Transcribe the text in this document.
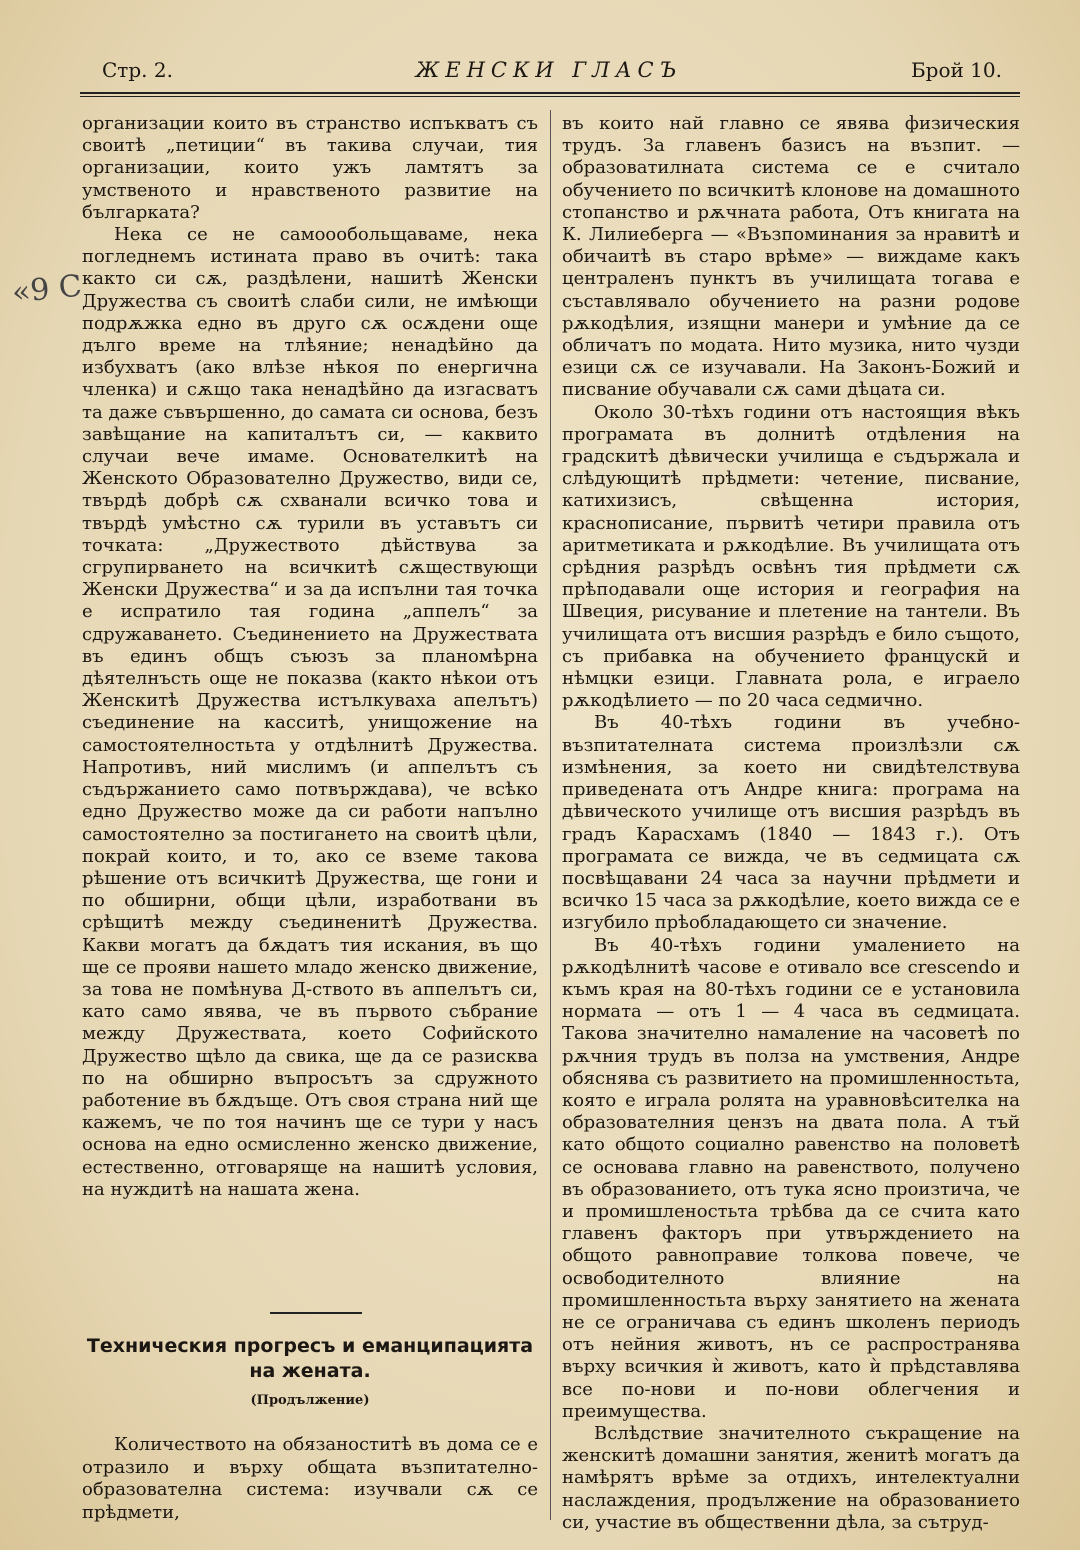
Стр. 2.	ЖЕНСКИ ГЛАСЪ	Брой 10.
«9 С

организации които въ странство испъкватъ съ своитѣ „петиции“ въ такива случаи, тия организации, които ужъ ламтятъ за умственото и нравственото развитие на българката?

Нека се не самоообольщаваме, нека погледнемъ истината право въ очитѣ: така както си сѫ, раздѣлени, нашитѣ Женски Дружества съ своитѣ слаби сили, не имѣющи подрѫжка едно въ друго сѫ осѫдени още дълго време на тлѣяние; ненадѣйно да избухватъ (ако влѣзе нѣкоя по енергична членка) и сѫщо така ненадѣйно да изгасватъ та даже съвършенно, до самата си основа, безъ завѣщание на капиталътъ си, — каквито случаи вече имаме. Основателкитѣ на Женското Образователно Дружество, види се, твърдѣ добрѣ сѫ схванали всичко това и твърдѣ умѣстно сѫ турили въ уставътъ си точката: „Дружеството дѣйствува за сгрупирването на всичкитѣ сѫществующи Женски Дружества“ и за да испълни тая точка е испратило тая година „аппелъ“ за сдружаването. Съединението на Дружествата въ единъ общъ съюзъ за планомѣрна дѣятелнъсть още не показва (както нѣкои отъ Женскитѣ Дружества истълкуваха апелътъ) съединение на касситѣ, унищожение на самостоятелностьта у отдѣлнитѣ Дружества. Напротивъ, ний мислимъ (и аппелътъ съ съдържанието само потвърждава), че всѣко едно Дружество може да си работи напълно самостоятелно за постигането на своитѣ цѣли, покрай които, и то, ако се вземе такова рѣшение отъ всичкитѣ Дружества, ще гони и по обширни, общи цѣли, изработвани въ срѣщитѣ между съединенитѣ Дружества. Какви могатъ да бѫдатъ тия искания, въ що ще се прояви нашето младо женско движение, за това не помѣнува Д-ството въ аппелътъ си, като само явява, че въ първото събрание между Дружествата, което Софийското Дружество щѣло да свика, ще да се разисква по на обширно въпросътъ за сдружното работение въ бѫдъще. Отъ своя страна ний ще кажемъ, че по тоя начинъ ще се тури у насъ основа на едно осмисленно женско движение, естественно, отговаряще на нашитѣ условия, на нуждитѣ на нашата жена.

Техническия прогресъ и еманципацията на жената.
(Продължение)

Количеството на обязаноститѣ въ дома се е отразило и върху общата възпитателно-образователна система: изучвали сѫ се прѣдмети,

въ които най главно се явява физическия трудъ. За главенъ базисъ на възпит. — образоватилната система се е считало обучението по всичкитѣ клонове на домашното стопанство и рѫчната работа, Отъ книгата на К. Лилиеберга — «Възпоминания за нравитѣ и обичаитѣ въ старо врѣме» — виждаме какъ централенъ пунктъ въ училищата тогава е съставлявало обучението на разни родове рѫкодѣлия, изящни манери и умѣние да се обличатъ по модата. Нито музика, нито чузди езици сѫ се изучавали. На Законъ-Божий и писвание обучавали сѫ сами дѣцата си.

Около 30-тѣхъ години отъ настоящия вѣкъ програмата въ долнитѣ отдѣления на градскитѣ дѣвически училища е съдържала и слѣдующитѣ прѣдмети: четение, писвание, катихизисъ, свѣщенна история, краснописание, първитѣ четири правила отъ аритметиката и рѫкодѣлие. Въ училищата отъ срѣдния разрѣдъ освѣнъ тия прѣдмети сѫ прѣподавали още история и география на Швеция, рисувание и плетение на тантели. Въ училищата отъ висшия разрѣдъ е било същото, съ прибавка на обучението францускй и нѣмцки езици. Главната рола, е играело рѫкодѣлието — по 20 часа седмично.

Въ 40-тѣхъ години въ учебно-възпитателната система произлѣзли сѫ измѣнения, за което ни свидѣтелствува приведената отъ Андре книга: програма на дѣвическото училище отъ висшия разрѣдъ въ градъ Карасхамъ (1840 — 1843 г.). Отъ програмата се вижда, че въ седмицата сѫ посвѣщавани 24 часа за научни прѣдмети и всичко 15 часа за рѫкодѣлие, което вижда се е изгубило прѣобладающето си значение.

Въ 40-тѣхъ години умалението на рѫкодѣлнитѣ часове е отивало все crescendo и къмъ края на 80-тѣхъ години се е установила нормата — отъ 1 — 4 часа въ седмицата. Такова значително намаление на часоветѣ по рѫчния трудъ въ полза на умствения, Андре обяснява съ развитието на промишленностьта, която е играла ролята на уравновѣситeлка на образователния цензъ на двата пола. А тъй като общото социално равенство на половетѣ се основава главно на равенството, получено въ образованието, отъ тука ясно произтича, че и промишленостьта трѣбва да се счита като главенъ факторъ при утвърждението на общото равноправие толкова повече, че освободителното влияние на промишленностьта върху занятието на жената не се ограничава съ единъ школенъ периодъ отъ нейния животъ, нъ се распространява върху всичкия ѝ животъ, като ѝ прѣдставлява все по-нови и по-нови облегчения и преимущества.

Вслѣдствие значителното съкращение на женскитѣ домашни занятия, женитѣ могатъ да намѣрятъ врѣме за отдихъ, интелектуални наслаждения, продължение на образованието си, участие въ общественни дѣла, за сътруд-
